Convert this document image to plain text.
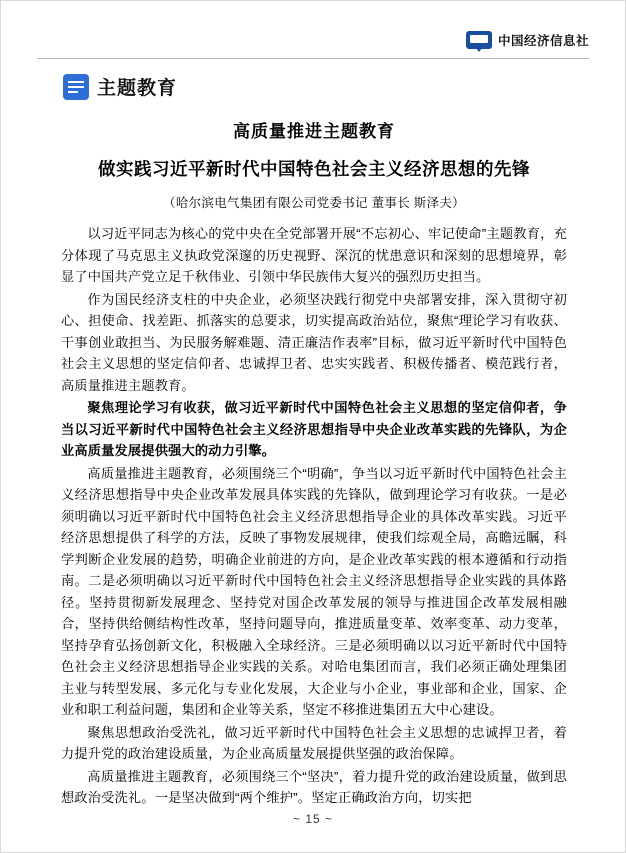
中国经济信息社
主题教育
高质量推进主题教育
做实践习近平新时代中国特色社会主义经济思想的先锋
（哈尔滨电气集团有限公司党委书记 董事长 斯泽夫）

以习近平同志为核心的党中央在全党部署开展“不忘初心、牢记使命”主题教育，充分体现了马克思主义执政党深邃的历史视野、深沉的忧患意识和深刻的思想境界，彰显了中国共产党立足千秋伟业、引领中华民族伟大复兴的强烈历史担当。

作为国民经济支柱的中央企业，必须坚决践行彻党中央部署安排，深入贯彻守初心、担使命、找差距、抓落实的总要求，切实提高政治站位，聚焦“理论学习有收获、干事创业敢担当、为民服务解难题、清正廉洁作表率”目标，做习近平新时代中国特色社会主义思想的坚定信仰者、忠诚捍卫者、忠实实践者、积极传播者、模范践行者，高质量推进主题教育。

聚焦理论学习有收获，做习近平新时代中国特色社会主义思想的坚定信仰者，争当以习近平新时代中国特色社会主义经济思想指导中央企业改革实践的先锋队，为企业高质量发展提供强大的动力引擎。

高质量推进主题教育，必须围绕三个“明确”，争当以习近平新时代中国特色社会主义经济思想指导中央企业改革发展具体实践的先锋队，做到理论学习有收获。一是必须明确以习近平新时代中国特色社会主义经济思想指导企业的具体改革实践。习近平经济思想提供了科学的方法，反映了事物发展规律，使我们综观全局，高瞻远瞩，科学判断企业发展的趋势，明确企业前进的方向，是企业改革实践的根本遵循和行动指南。二是必须明确以习近平新时代中国特色社会主义经济思想指导企业实践的具体路径。坚持贯彻新发展理念、坚持党对国企改革发展的领导与推进国企改革发展相融合，坚持供给侧结构性改革，坚持问题导向，推进质量变革、效率变革、动力变革，坚持孕育弘扬创新文化，积极融入全球经济。三是必须明确以以习近平新时代中国特色社会主义经济思想指导企业实践的关系。对哈电集团而言，我们必须正确处理集团主业与转型发展、多元化与专业化发展，大企业与小企业，事业部和企业，国家、企业和职工利益问题，集团和企业等关系，坚定不移推进集团五大中心建设。

聚焦思想政治受洗礼，做习近平新时代中国特色社会主义思想的忠诚捍卫者，着力提升党的政治建设质量，为企业高质量发展提供坚强的政治保障。

高质量推进主题教育，必须围绕三个“坚决”，着力提升党的政治建设质量，做到思想政治受洗礼。一是坚决做到“两个维护”。坚定正确政治方向，切实把

~ 15 ~
